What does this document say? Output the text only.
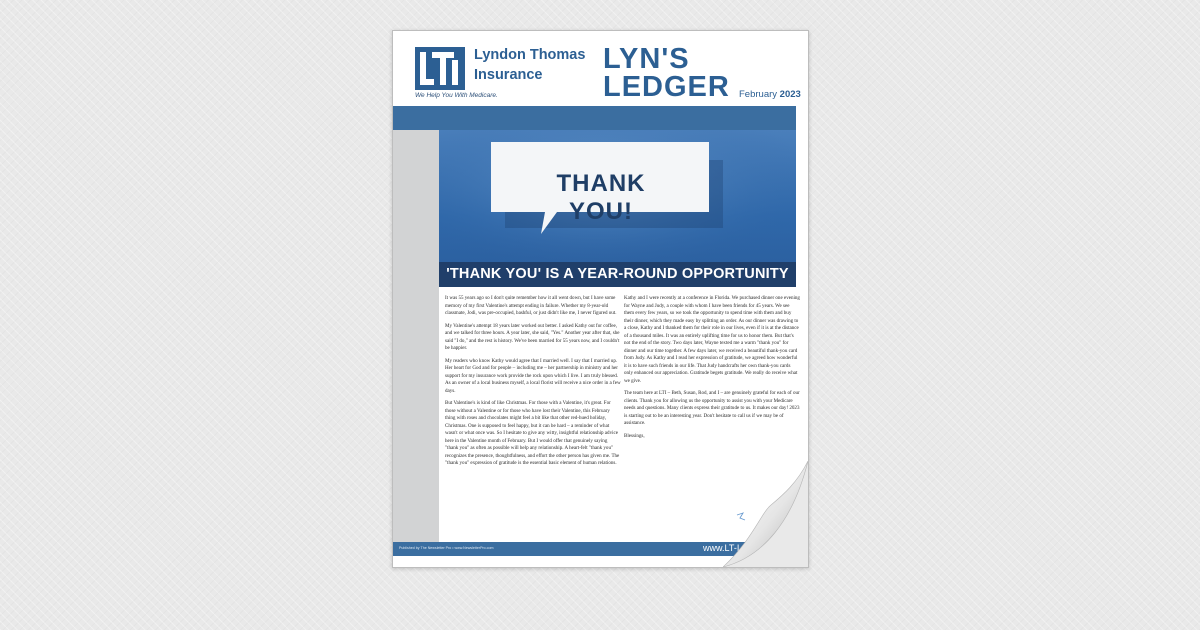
Lyndon Thomas
Insurance
We Help You With Medicare.
LYN'S
LEDGER February 2023
THANK YOU!
'THANK YOU' IS A YEAR-ROUND OPPORTUNITY

It was 55 years ago so I don't quite remember how it all went down, but I have some memory of my first Valentine's attempt ending in failure. Whether my 8-year-old classmate, Jodi, was pre-occupied, bashful, or just didn't like me, I never figured out.

My Valentine's attempt 18 years later worked out better. I asked Kathy out for coffee, and we talked for three hours. A year later, she said, "Yes." Another year after that, she said "I do," and the rest is history. We've been married for 55 years now, and I couldn't be happier.

My readers who know Kathy would agree that I married well. I say that I married up. Her heart for God and for people – including me – her partnership in ministry and her support for my insurance work provide the rock upon which I live. I am truly blessed. As an owner of a local business myself, a local florist will receive a nice order in a few days.

But Valentine's is kind of like Christmas. For those with a Valentine, it's great. For those without a Valentine or for those who have lost their Valentine, this February thing with roses and chocolates might feel a bit like that other red-hued holiday, Christmas. One is supposed to feel happy, but it can be hard – a reminder of what wasn't or what once was. So I hesitate to give any witty, insightful relationship advice here in the Valentine month of February. But I would offer that genuinely saying "thank you" as often as possible will help any relationship. A heart-felt "thank you" recognizes the presence, thoughtfulness, and effort the other person has given me. The "thank you" expression of gratitude is the essential basic element of human relations.

Kathy and I were recently at a conference in Florida. We purchased dinner one evening for Wayne and Judy, a couple with whom I have been friends for 45 years. We see them every few years, so we took the opportunity to spend time with them and buy their dinner, which they made easy by splitting an order. As our dinner was drawing to a close, Kathy and I thanked them for their role in our lives, even if it is at the distance of a thousand miles. It was an entirely uplifting time for us to honor them. But that's not the end of the story. Two days later, Wayne texted me a warm "thank you" for dinner and our time together. A few days later, we received a beautiful thank-you card from Judy. As Kathy and I read her expression of gratitude, we agreed how wonderful it is to have such friends in our life. That Judy handcrafts her own thank-you cards only enhanced our appreciation. Gratitude begets gratitude. We really do receive what we give.

The team here at LTI – Beth, Susan, Rod, and I – are genuinely grateful for each of our clients. Thank you for allowing us the opportunity to assist you with your Medicare needs and questions. Many clients express their gratitude to us. It makes our day! 2023 is starting out to be an interesting year. Don't hesitate to call us if we may be of assistance.

Blessings,

Published by The Newsletter Pro • www.NewsletterPro.com	www.LT-I
